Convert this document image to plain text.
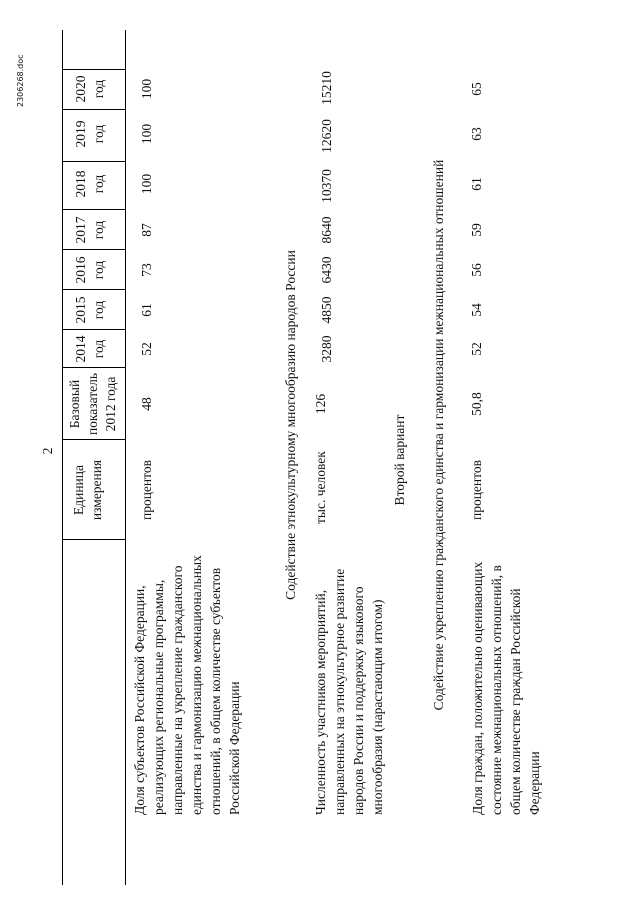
2
Единица измерения
Базовый показатель 2012 года
2014 год
2015 год
2016 год
2017 год
2018 год
2019 год
2020 год
Доля субъектов Российской Федерации, реализующих региональные программы, направленные на укрепление гражданского единства и гармонизацию межнациональных отношений, в общем количестве субъектов Российской Федерации
процентов
48
52
61
73
87
100
100
100
Содействие этнокультурному многообразию народов России
Численность участников мероприятий, направленных на этнокультурное развитие народов России и поддержку языкового многообразия (нарастающим итогом)
тыс. человек
126
3280
4850
6430
8640
10370
12620
15210
Второй вариант Содействие укреплению гражданского единства и гармонизации межнациональных отношений Доля граждан, положительно оценивающих состояние межнациональных отношений, в общем количестве граждан Российской Федерации
процентов
50,8
52
54
56
59
61
63
65
2306268.doc
